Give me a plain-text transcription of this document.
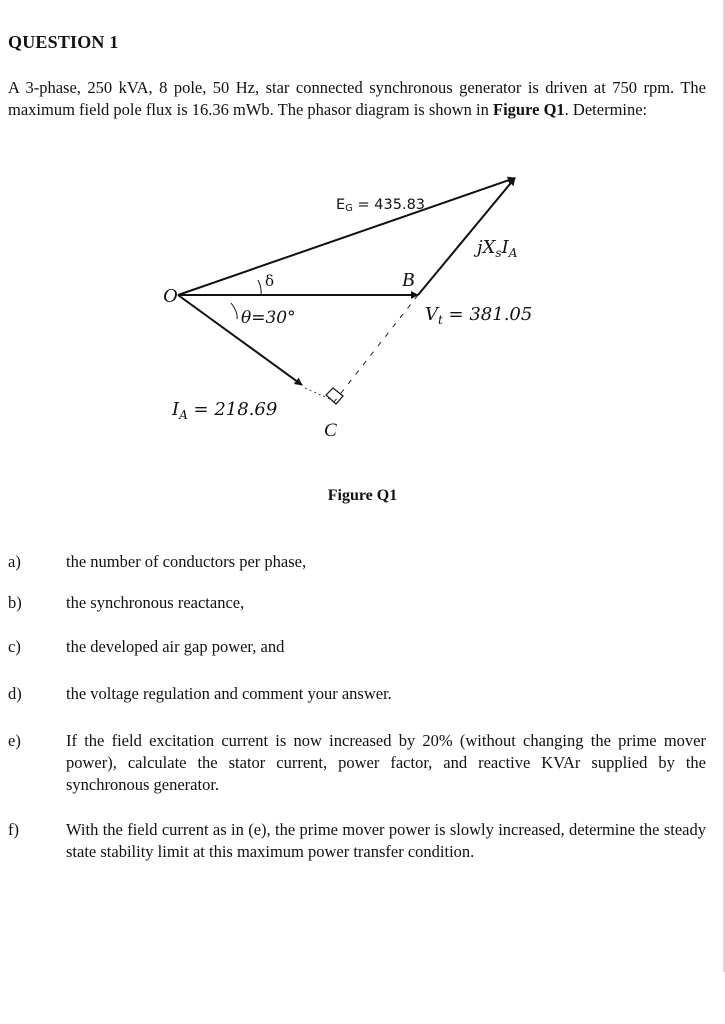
QUESTION 1
A 3-phase, 250 kVA, 8 pole, 50 Hz, star connected synchronous generator is driven at 750 rpm. The maximum field pole flux is 16.36 mWb. The phasor diagram is shown in Figure Q1. Determine:
EG = 435.83
$jX_sI_A$
O
B
C
δ
θ=30°	$V_t = 381.05$
$I_A = 218.69$
Figure Q1
a)	the number of conductors per phase,
b)	the synchronous reactance,
c)	the developed air gap power, and
d)	the voltage regulation and comment your answer.
e)	If the field excitation current is now increased by 20% (without changing the prime mover power), calculate the stator current, power factor, and reactive KVAr supplied by the synchronous generator.
f)	With the field current as in (e), the prime mover power is slowly increased, determine the steady state stability limit at this maximum power transfer condition.
